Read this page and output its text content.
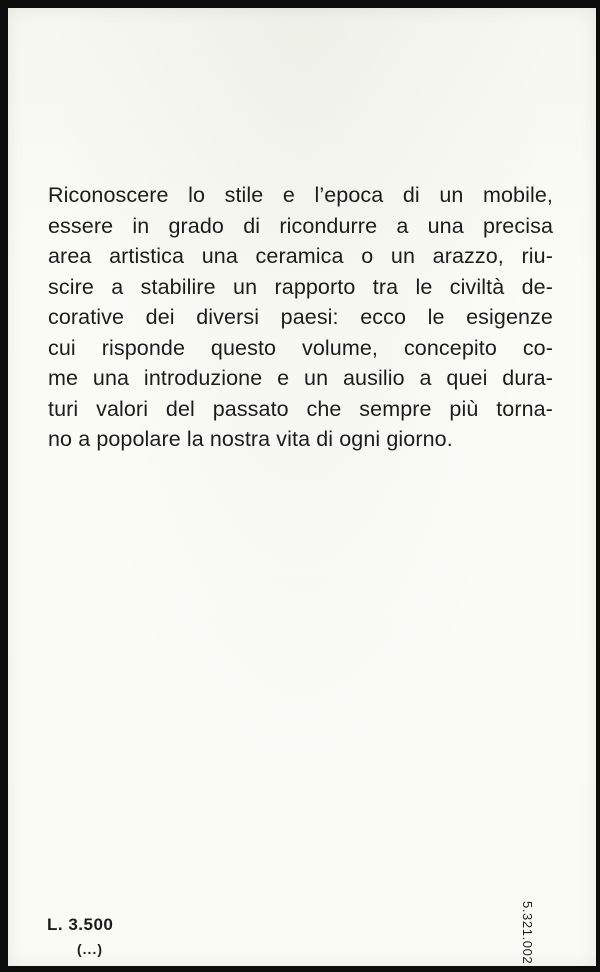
Riconoscere lo stile e l’epoca di un mobile,
essere in grado di ricondurre a una precisa
area artistica una ceramica o un arazzo, riu-
scire a stabilire un rapporto tra le civiltà de-
corative dei diversi paesi: ecco le esigenze
cui risponde questo volume, concepito co-
me una introduzione e un ausilio a quei dura-
turi valori del passato che sempre più torna-
no a popolare la nostra vita di ogni giorno.

5.321.002
L. 3.500
(...)
